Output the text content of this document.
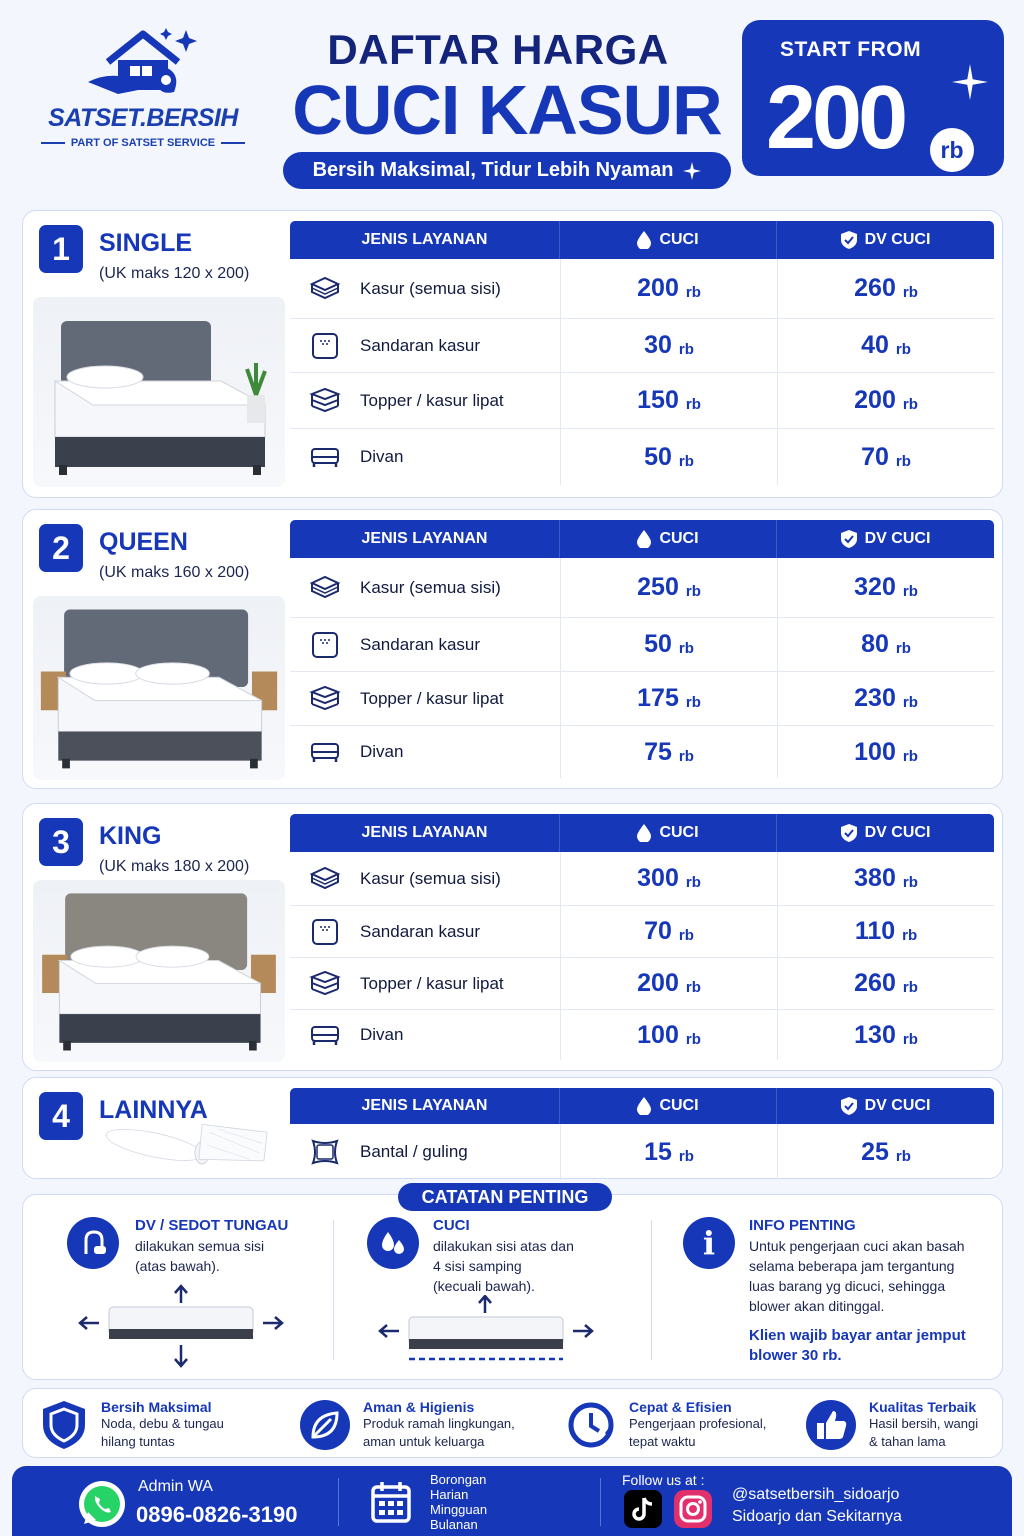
SATSET.BERSIH
PART OF SATSET SERVICE
DAFTAR HARGA
CUCI KASUR
Bersih Maksimal, Tidur Lebih Nyaman
START FROM
200	rb
1	SINGLE
(UK maks 120 x 200)
JENIS LAYANAN	CUCI	DV CUCI
Kasur (semua sisi)	200 rb	260 rb
Sandaran kasur	30 rb	40 rb
Topper / kasur lipat	150 rb	200 rb
Divan	50 rb	70 rb
2	QUEEN
(UK maks 160 x 200)
JENIS LAYANAN	CUCI	DV CUCI
Kasur (semua sisi)	250 rb	320 rb
Sandaran kasur	50 rb	80 rb
Topper / kasur lipat	175 rb	230 rb
Divan	75 rb	100 rb
3	KING
(UK maks 180 x 200)
JENIS LAYANAN	CUCI	DV CUCI
Kasur (semua sisi)	300 rb	380 rb
Sandaran kasur	70 rb	110 rb
Topper / kasur lipat	200 rb	260 rb
Divan	100 rb	130 rb
4	LAINNYA	JENIS LAYANAN	CUCI	DV CUCI
Bantal / guling	15 rb	25 rb
DV / SEDOT TUNGAU
dilakukan semua sisi
(atas bawah).
CUCI
dilakukan sisi atas dan
4 sisi samping
(kecuali bawah).
i INFO PENTING
Untuk pengerjaan cuci akan basah
selama beberapa jam tergantung
luas barang yg dicuci, sehingga
blower akan ditinggal.
Klien wajib bayar antar jemput
blower 30 rb.
CATATAN PENTING
Bersih Maksimal
Noda, debu & tungau
hilang tuntas
Aman & Higienis
Produk ramah lingkungan,
aman untuk keluarga
Cepat & Efisien
Pengerjaan profesional,
tepat waktu
Kualitas Terbaik
Hasil bersih, wangi
& tahan lama
Admin WA
0896-0826-3190
Borongan
Harian
Mingguan
Bulanan
Follow us at :
@satsetbersih_sidoarjo
Sidoarjo dan Sekitarnya
